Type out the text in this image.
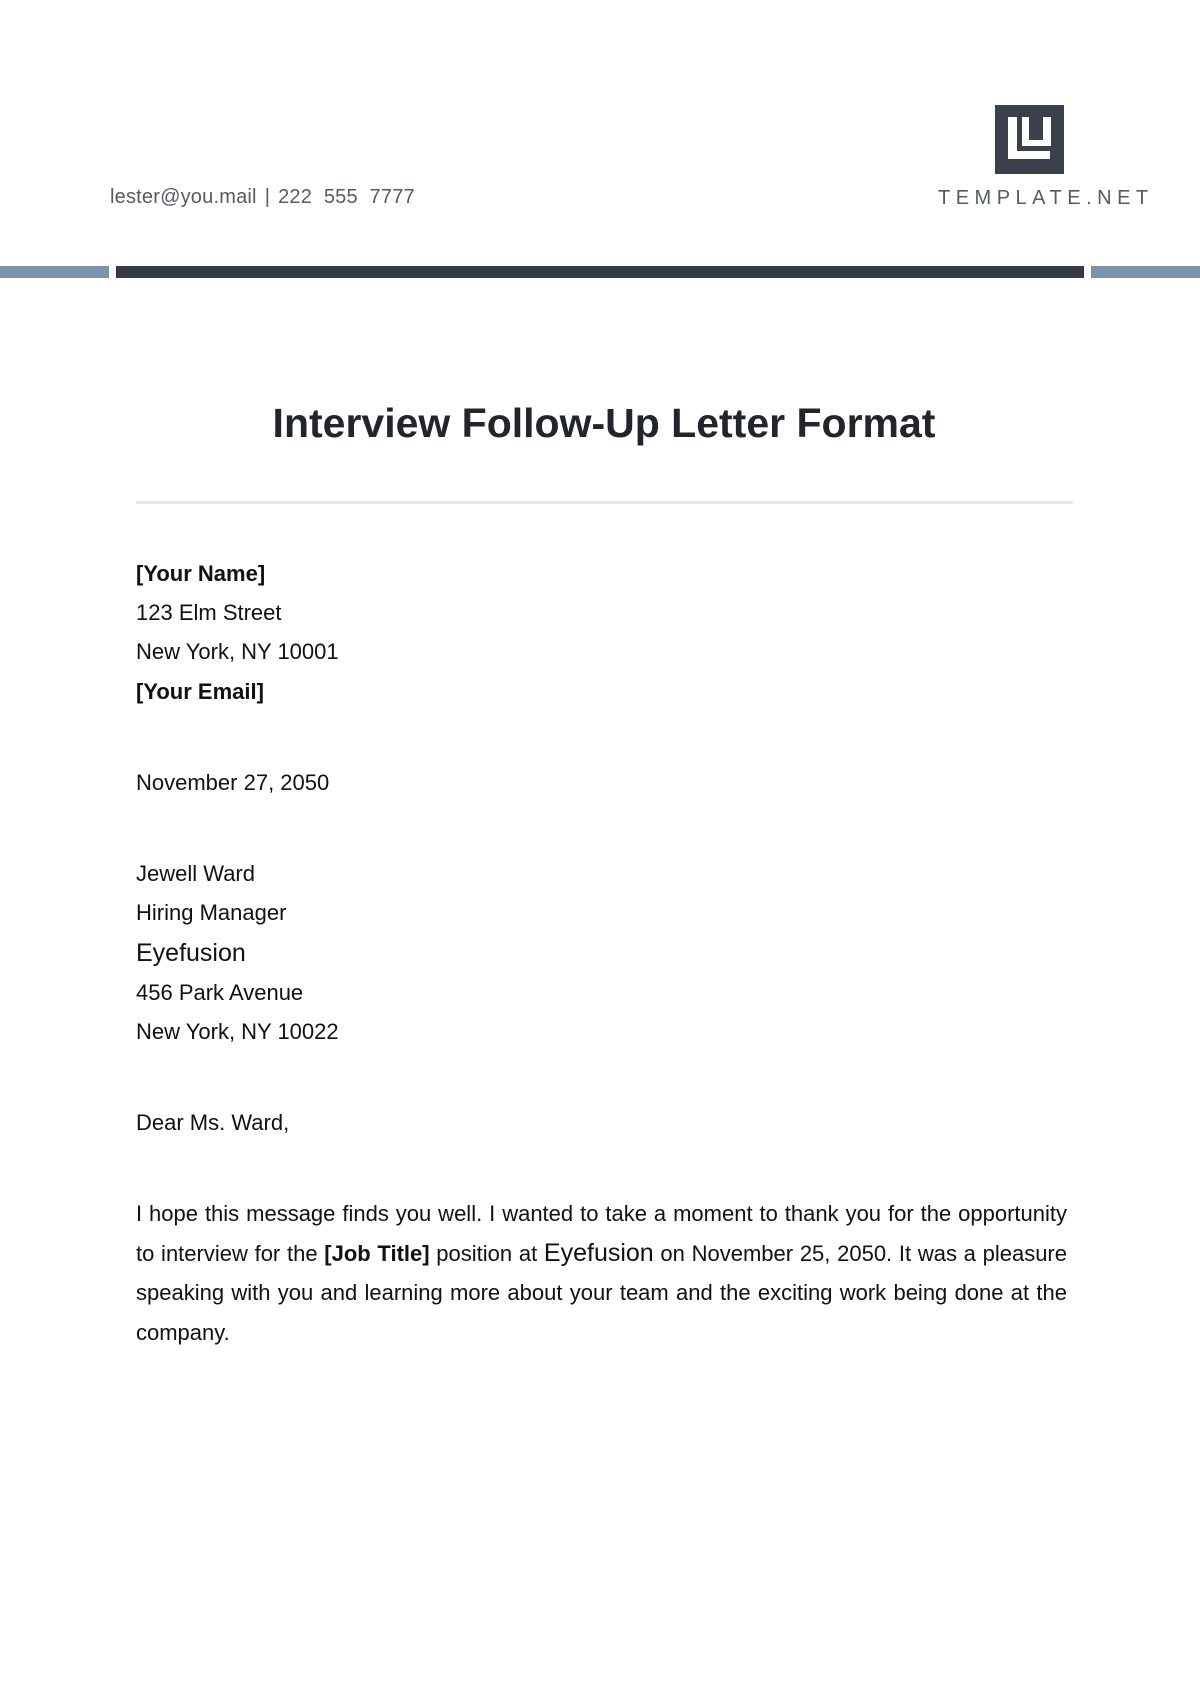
lester@you.mail | 222 555 7777	TEMPLATE.NET
Interview Follow-Up Letter Format
[Your Name]
123 Elm Street
New York, NY 10001
[Your Email]
November 27, 2050
Jewell Ward
Hiring Manager
Eyefusion
456 Park Avenue
New York, NY 10022
Dear Ms. Ward,

I hope this message finds you well. I wanted to take a moment to thank you for the opportunity to interview for the [Job Title] position at Eyefusion on November 25, 2050. It was a pleasure speaking with you and learning more about your team and the exciting work being done at the company.
